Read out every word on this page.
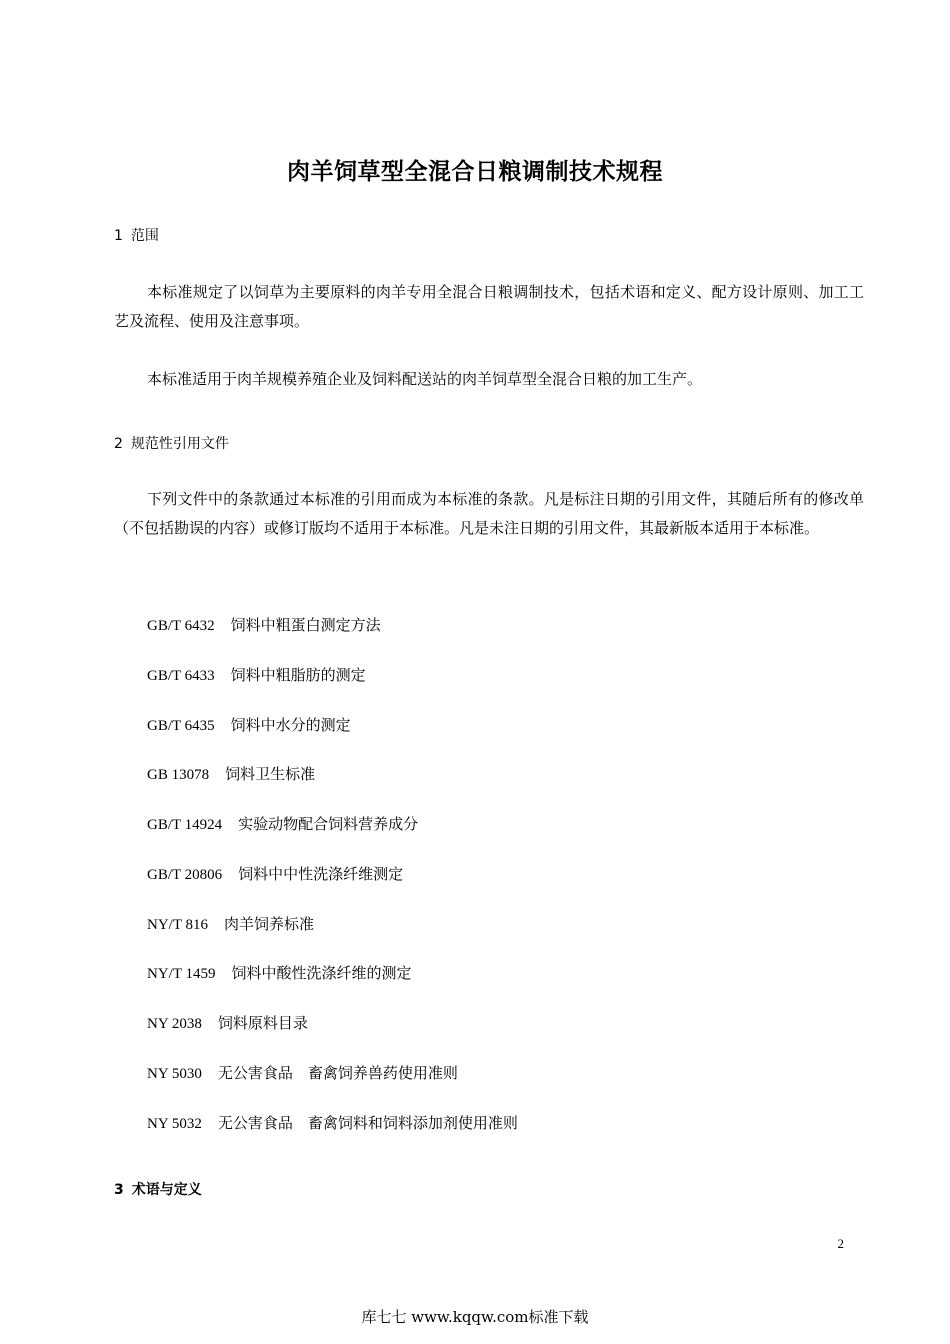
肉羊饲草型全混合日粮调制技术规程
1 范围
本标准规定了以饲草为主要原料的肉羊专用全混合日粮调制技术，包括术语和定义、配方设计原则、加工工艺及流程、使用及注意事项。
本标准适用于肉羊规模养殖企业及饲料配送站的肉羊饲草型全混合日粮的加工生产。
2 规范性引用文件
下列文件中的条款通过本标准的引用而成为本标准的条款。凡是标注日期的引用文件，其随后所有的修改单（不包括勘误的内容）或修订版均不适用于本标准。凡是未注日期的引用文件，其最新版本适用于本标准。
GB/T 6432 饲料中粗蛋白测定方法
GB/T 6433 饲料中粗脂肪的测定
GB/T 6435 饲料中水分的测定
GB 13078 饲料卫生标准
GB/T 14924 实验动物配合饲料营养成分
GB/T 20806 饲料中中性洗涤纤维测定
NY/T 816 肉羊饲养标准
NY/T 1459 饲料中酸性洗涤纤维的测定
NY 2038 饲料原料目录
NY 5030 无公害食品　畜禽饲养兽药使用准则
NY 5032 无公害食品　畜禽饲料和饲料添加剂使用准则
3 术语与定义
2
库七七 www.kqqw.com标准下载
